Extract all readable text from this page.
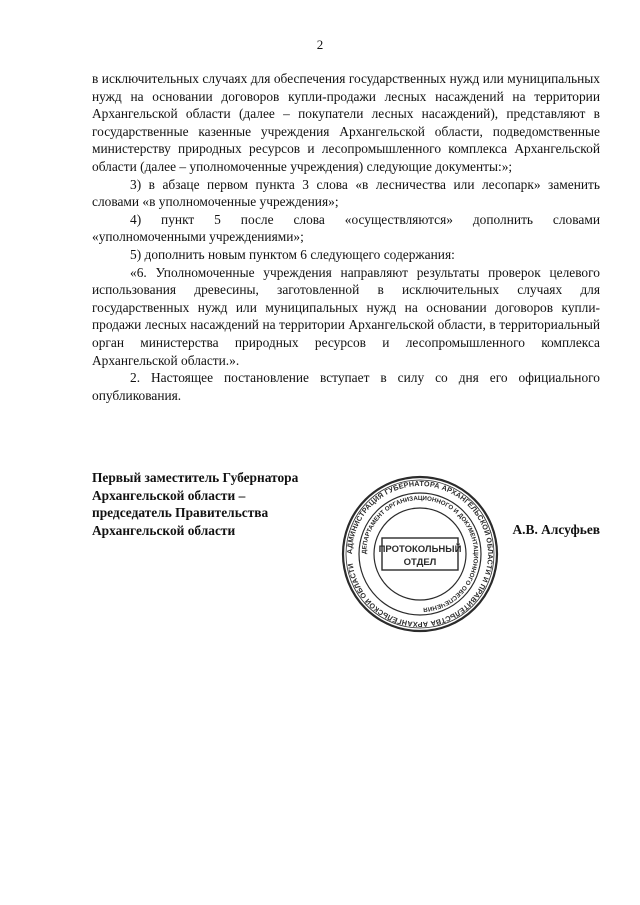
2

в исключительных случаях для обеспечения государственных нужд или муниципальных нужд на основании договоров купли-продажи лесных насаждений на территории Архангельской области (далее – покупатели лесных насаждений), представляют в государственные казенные учреждения Архангельской области, подведомственные министерству природных ресурсов и лесопромышленного комплекса Архангельской области (далее – уполномоченные учреждения) следующие документы:»;

3) в абзаце первом пункта 3 слова «в лесничества или лесопарк» заменить словами «в уполномоченные учреждения»;

4) пункт 5 после слова «осуществляются» дополнить словами «уполномоченными учреждениями»;

5) дополнить новым пунктом 6 следующего содержания:

«6. Уполномоченные учреждения направляют результаты проверок целевого использования древесины, заготовленной в исключительных случаях для государственных нужд или муниципальных нужд на основании договоров купли-продажи лесных насаждений на территории Архангельской области, в территориальный орган министерства природных ресурсов и лесопромышленного комплекса Архангельской области.».

2. Настоящее постановление вступает в силу со дня его официального опубликования.

Первый заместитель Губернатора
Архангельской области –
председатель Правительства
Архангельской области	А.В. Алсуфьев
АДМИНИСТРАЦИЯ ГУБЕРНАТОРА АРХАНГЕЛЬСКОЙ ОБЛАСТИ И ПРАВИТЕЛЬСТВА АРХАНГЕЛЬСКОЙ ОБЛАСТИ
ДЕПАРТАМЕНТ ОРГАНИЗАЦИОННОГО И ДОКУМЕНТАЦИОННОГО ОБЕСПЕЧЕНИЯ
ПРОТОКОЛЬНЫЙ
ОТДЕЛ
